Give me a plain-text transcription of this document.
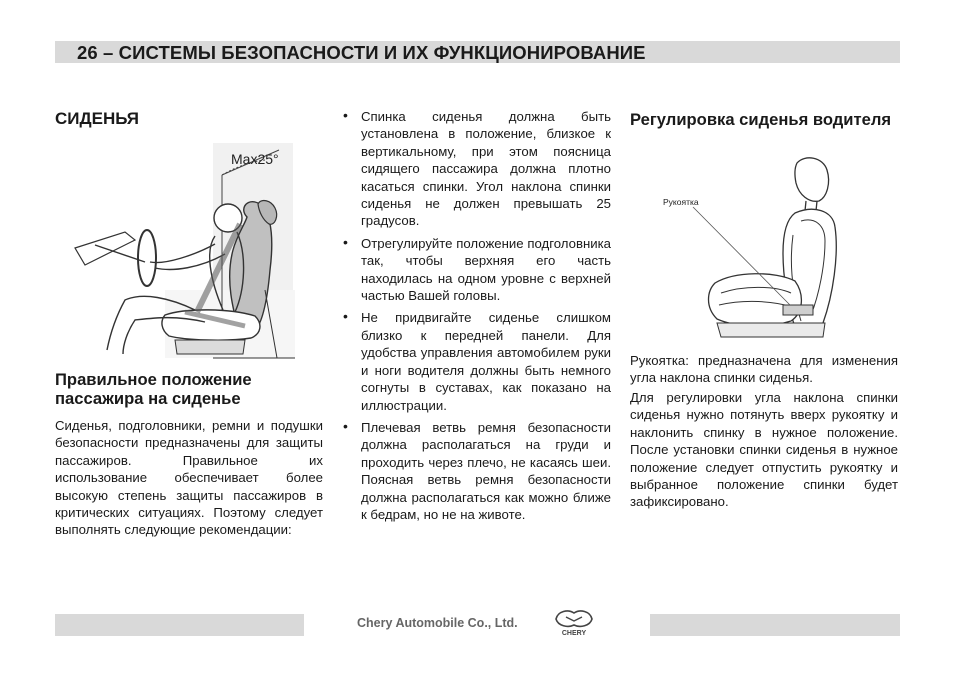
26 – СИСТЕМЫ БЕЗОПАСНОСТИ И ИХ ФУНКЦИОНИРОВАНИЕ
СИДЕНЬЯ
Max25°
Правильное положение пассажира на сиденье

Сиденья, подголовники, ремни и подушки безопасности предназначены для защиты пассажиров. Правильное их использование обеспечивает более высокую степень защиты пассажиров в критических ситуациях. Поэтому следует выполнять следующие рекомендации:

• Спинка сиденья должна быть установлена в положение, близкое к вертикальному, при этом поясница сидящего пассажира должна плотно касаться спинки. Угол наклона спинки сиденья не должен превышать 25 градусов.
• Отрегулируйте положение подголовника так, чтобы верхняя его часть находилась на одном уровне с верхней частью Вашей головы.
• Не придвигайте сиденье слишком близко к передней панели. Для удобства управления автомобилем руки и ноги водителя должны быть немного согнуты в суставах, как показано на иллюстрации.
• Плечевая ветвь ремня безопасности должна располагаться на груди и проходить через плечо, не касаясь шеи. Поясная ветвь ремня безопасности должна располагаться как можно ближе к бедрам, но не на животе.
Регулировка сиденья водителя
Рукоятка

Рукоятка: предназначена для изменения угла наклона спинки сиденья.

Для регулировки угла наклона спинки сиденья нужно потянуть вверх рукоятку и наклонить спинку в нужное положение. После установки спинки сиденья в нужное положение следует отпустить рукоятку и выбранное положение спинки будет зафиксировано.

Chery Automobile Co., Ltd.
CHERY
